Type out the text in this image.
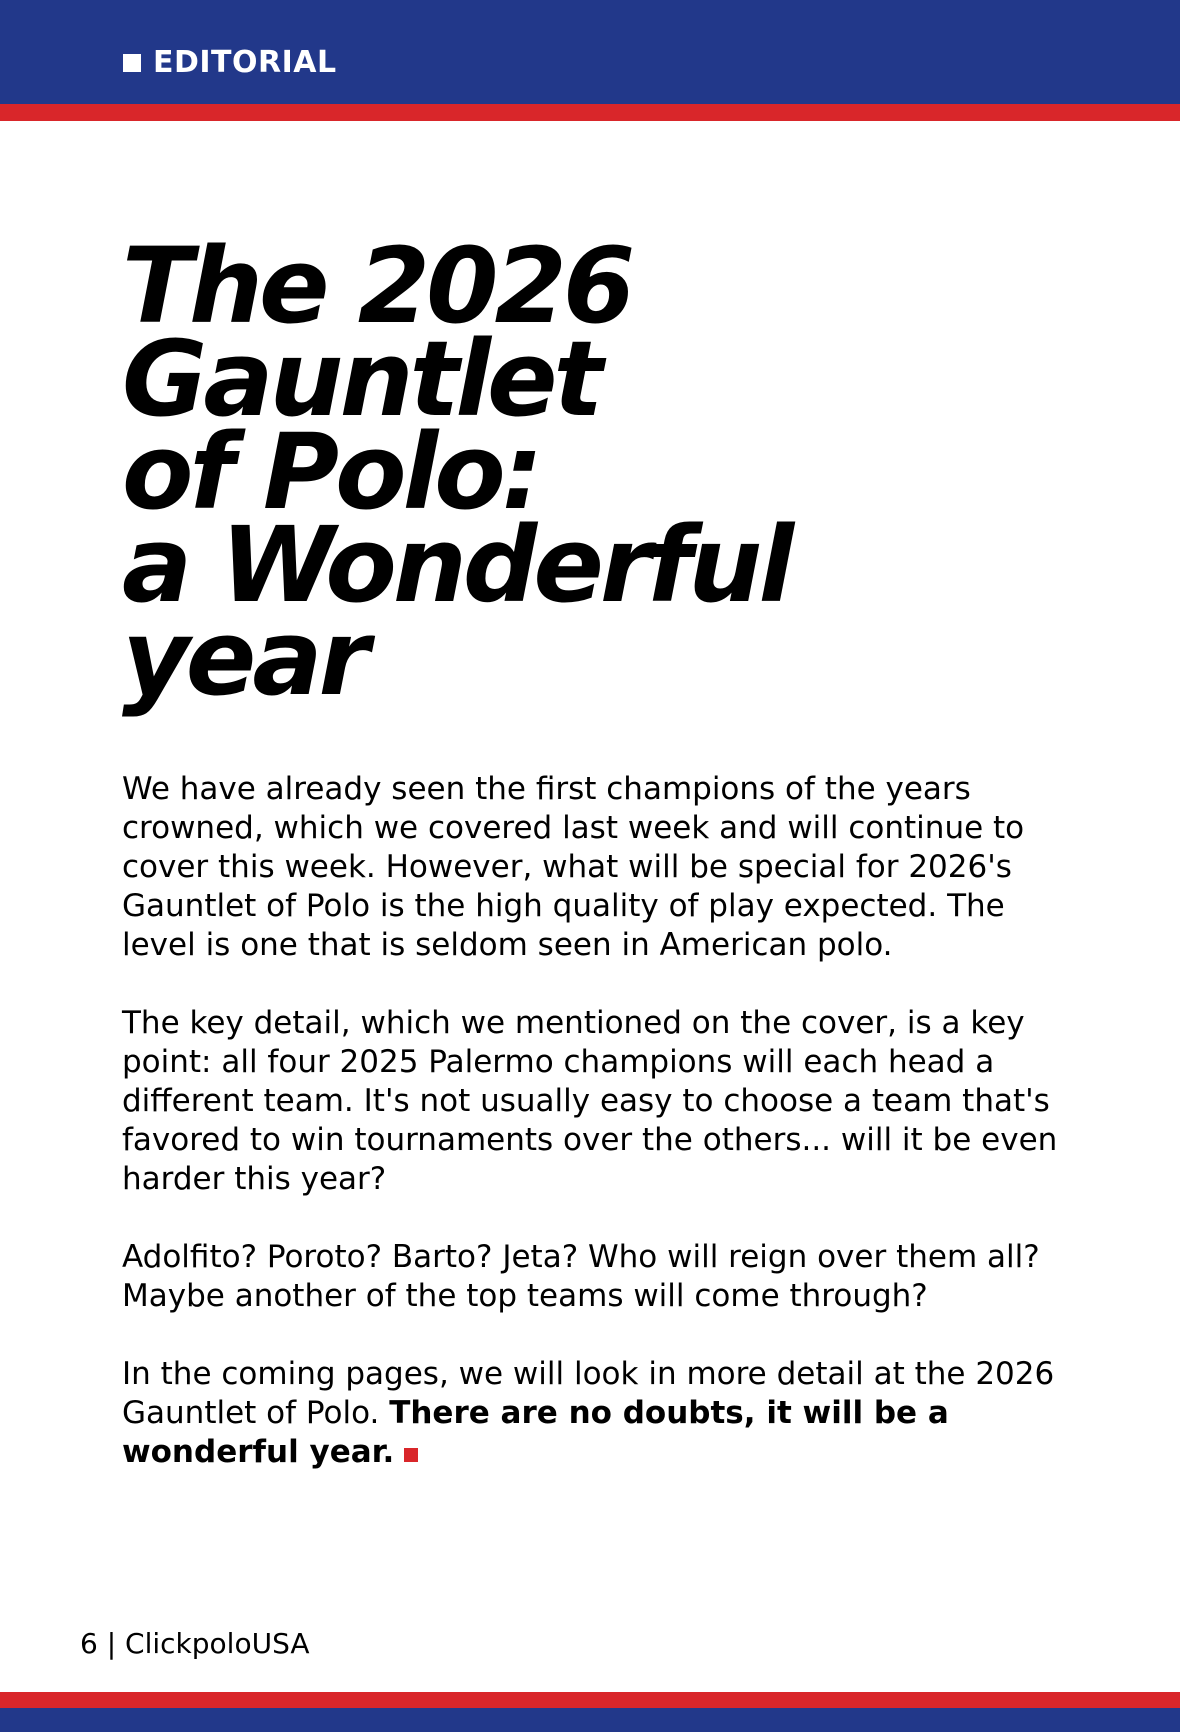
EDITORIAL
The 2026
Gauntlet
of Polo:
a Wonderful
year

We have already seen the first champions of the years crowned, which we covered last week and will continue to cover this week. However, what will be special for 2026's Gauntlet of Polo is the high quality of play expected. The level is one that is seldom seen in American polo.

The key detail, which we mentioned on the cover, is a key point: all four 2025 Palermo champions will each head a different team. It's not usually easy to choose a team that's favored to win tournaments over the others... will it be even harder this year?

Adolfito? Poroto? Barto? Jeta? Who will reign over them all? Maybe another of the top teams will come through?

In the coming pages, we will look in more detail at the 2026 Gauntlet of Polo. There are no doubts, it will be a wonderful year.

6 | ClickpoloUSA
